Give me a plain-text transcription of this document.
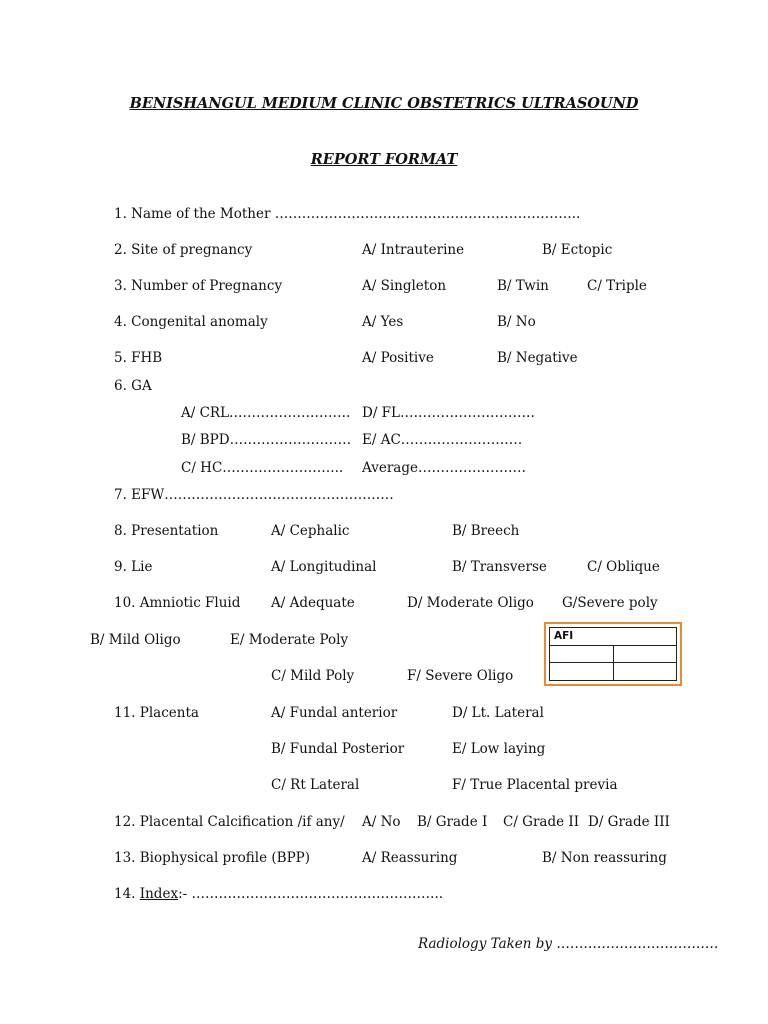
BENISHANGUL MEDIUM CLINIC OBSTETRICS ULTRASOUND
REPORT FORMAT
1. Name of the Mother …………………………………………………………..
2. Site of pregnancy	A/ Intrauterine	B/ Ectopic
3. Number of Pregnancy	A/ Singleton	B/ Twin	C/ Triple
4. Congenital anomaly	A/ Yes	B/ No
5. FHB	A/ Positive	B/ Negative
6. GA
A/ CRL……………………… D/ FL…………………………
B/ BPD……………………… E/ AC………………………
C/ HC……………………... Average……………………
7. EFW……………………………………………
8. Presentation	A/ Cephalic	B/ Breech
9. Lie	A/ Longitudinal	B/ Transverse	C/ Oblique
10. Amniotic Fluid A/ Adequate	D/ Moderate Oligo G/Severe poly
B/ Mild Oligo	E/ Moderate Poly
C/ Mild Poly	F/ Severe Oligo
AFI	

11. Placenta	A/ Fundal anterior	D/ Lt. Lateral
B/ Fundal Posterior	E/ Low laying
C/ Rt Lateral	F/ True Placental previa
12. Placental Calcification /if any/ A/ No B/ Grade I C/ Grade II D/ Grade III
13. Biophysical profile (BPP)	A/ Reassuring	B/ Non reassuring
14. Index:- ………………………………………………..
Radiology Taken by ………………………………
